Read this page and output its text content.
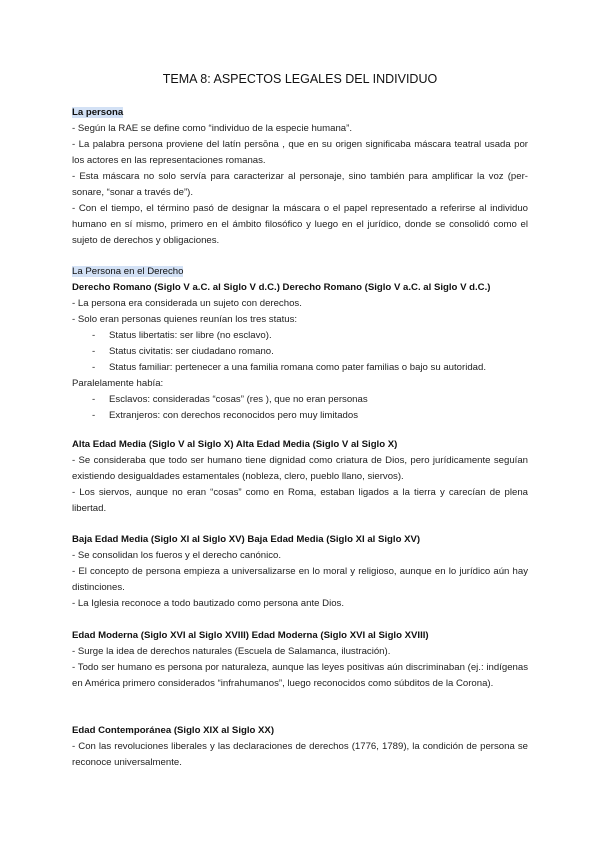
TEMA 8: ASPECTOS LEGALES DEL INDIVIDUO
La persona
- Según la RAE se define como “individuo de la especie humana”.
- La palabra persona proviene del latín persōna , que en su origen significaba máscara teatral usada por los actores en las representaciones romanas.
- Esta máscara no solo servía para caracterizar al personaje, sino también para amplificar la voz (per-sonare, “sonar a través de”).
- Con el tiempo, el término pasó de designar la máscara o el papel representado a referirse al individuo humano en sí mismo, primero en el ámbito filosófico y luego en el jurídico, donde se consolidó como el sujeto de derechos y obligaciones.
La Persona en el Derecho
Derecho Romano (Siglo V a.C. al Siglo V d.C.) Derecho Romano (Siglo V a.C. al Siglo V d.C.)
- La persona era considerada un sujeto con derechos.
- Solo eran personas quienes reunían los tres status:
- Status libertatis: ser libre (no esclavo).
- Status civitatis: ser ciudadano romano.
- Status familiar: pertenecer a una familia romana como pater familias o bajo su autoridad.
Paralelamente había:
- Esclavos: consideradas “cosas” (res ), que no eran personas
- Extranjeros: con derechos reconocidos pero muy limitados
Alta Edad Media (Siglo V al Siglo X) Alta Edad Media (Siglo V al Siglo X)
- Se consideraba que todo ser humano tiene dignidad como criatura de Dios, pero jurídicamente seguían existiendo desigualdades estamentales (nobleza, clero, pueblo llano, siervos).
- Los siervos, aunque no eran “cosas” como en Roma, estaban ligados a la tierra y carecían de plena libertad.
Baja Edad Media (Siglo XI al Siglo XV) Baja Edad Media (Siglo XI al Siglo XV)
- Se consolidan los fueros y el derecho canónico.
- El concepto de persona empieza a universalizarse en lo moral y religioso, aunque en lo jurídico aún hay distinciones.
- La Iglesia reconoce a todo bautizado como persona ante Dios.
Edad Moderna (Siglo XVI al Siglo XVIII) Edad Moderna (Siglo XVI al Siglo XVIII)
- Surge la idea de derechos naturales (Escuela de Salamanca, ilustración).
- Todo ser humano es persona por naturaleza, aunque las leyes positivas aún discriminaban (ej.: indígenas en América primero considerados “infrahumanos”, luego reconocidos como súbditos de la Corona).
Edad Contemporánea (Siglo XIX al Siglo XX)
- Con las revoluciones liberales y las declaraciones de derechos (1776, 1789), la condición de persona se reconoce universalmente.
